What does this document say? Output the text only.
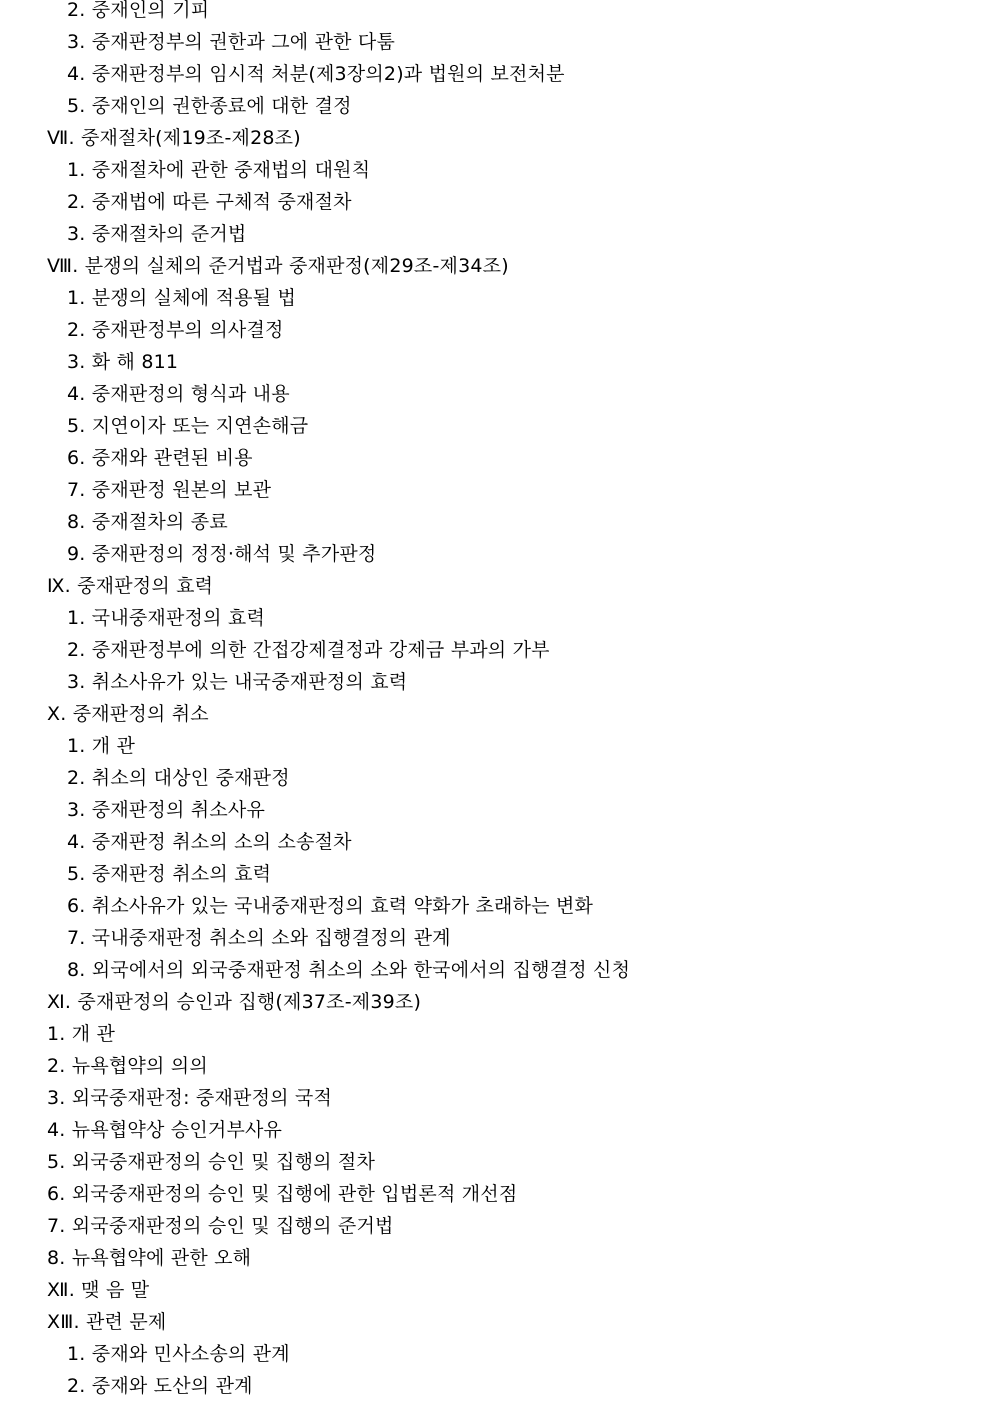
2. 중재인의 기피
3. 중재판정부의 권한과 그에 관한 다툼
4. 중재판정부의 임시적 처분(제3장의2)과 법원의 보전처분
5. 중재인의 권한종료에 대한 결정
Ⅶ. 중재절차(제19조-제28조)
1. 중재절차에 관한 중재법의 대원칙
2. 중재법에 따른 구체적 중재절차
3. 중재절차의 준거법
Ⅷ. 분쟁의 실체의 준거법과 중재판정(제29조-제34조)
1. 분쟁의 실체에 적용될 법
2. 중재판정부의 의사결정
3. 화 해 811
4. 중재판정의 형식과 내용
5. 지연이자 또는 지연손해금
6. 중재와 관련된 비용
7. 중재판정 원본의 보관
8. 중재절차의 종료
9. 중재판정의 정정·해석 및 추가판정
Ⅸ. 중재판정의 효력
1. 국내중재판정의 효력
2. 중재판정부에 의한 간접강제결정과 강제금 부과의 가부
3. 취소사유가 있는 내국중재판정의 효력
Ⅹ. 중재판정의 취소
1. 개 관
2. 취소의 대상인 중재판정
3. 중재판정의 취소사유
4. 중재판정 취소의 소의 소송절차
5. 중재판정 취소의 효력
6. 취소사유가 있는 국내중재판정의 효력 약화가 초래하는 변화
7. 국내중재판정 취소의 소와 집행결정의 관계
8. 외국에서의 외국중재판정 취소의 소와 한국에서의 집행결정 신청
Ⅺ. 중재판정의 승인과 집행(제37조-제39조)
1. 개 관
2. 뉴욕협약의 의의
3. 외국중재판정: 중재판정의 국적
4. 뉴욕협약상 승인거부사유
5. 외국중재판정의 승인 및 집행의 절차
6. 외국중재판정의 승인 및 집행에 관한 입법론적 개선점
7. 외국중재판정의 승인 및 집행의 준거법
8. 뉴욕협약에 관한 오해
Ⅻ. 맺 음 말
XⅢ. 관련 문제
1. 중재와 민사소송의 관계
2. 중재와 도산의 관계
